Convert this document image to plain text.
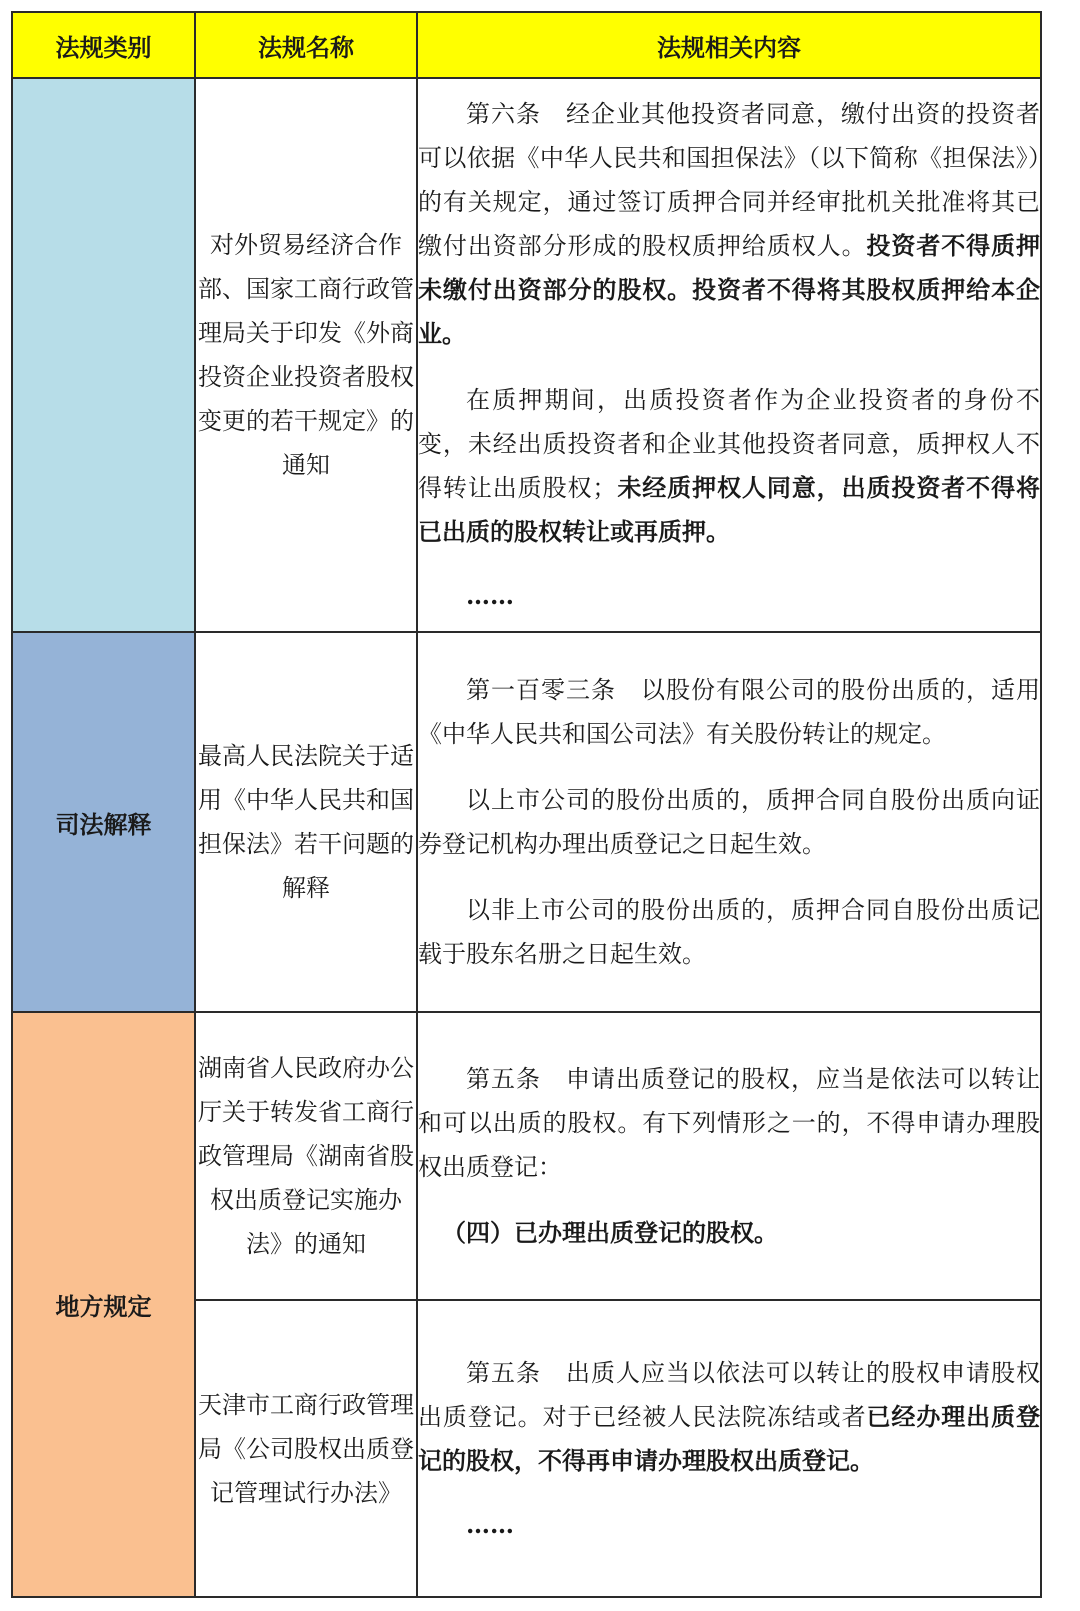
法规类别	法规名称	法规相关内容
	对外贸易经济合作部、国家工商行政管理局关于印发《外商投资企业投资者股权变更的若干规定》的通知	第六条　经企业其他投资者同意，缴付出资的投资者可以依据《中华人民共和国担保法》（以下简称《担保法》）的有关规定，通过签订质押合同并经审批机关批准将其已缴付出资部分形成的股权质押给质权人。投资者不得质押未缴付出资部分的股权。投资者不得将其股权质押给本企业。

在质押期间，出质投资者作为企业投资者的身份不变，未经出质投资者和企业其他投资者同意，质押权人不得转让出质股权；未经质押权人同意，出质投资者不得将已出质的股权转让或再质押。

……

司法解释	最高人民法院关于适用《中华人民共和国担保法》若干问题的解释	第一百零三条　以股份有限公司的股份出质的，适用《中华人民共和国公司法》有关股份转让的规定。

以上市公司的股份出质的，质押合同自股份出质向证券登记机构办理出质登记之日起生效。

以非上市公司的股份出质的，质押合同自股份出质记载于股东名册之日起生效。

地方规定	湖南省人民政府办公厅关于转发省工商行政管理局《湖南省股权出质登记实施办法》的通知	第五条　申请出质登记的股权，应当是依法可以转让和可以出质的股权。有下列情形之一的，不得申请办理股权出质登记：

（四）已办理出质登记的股权。

	天津市工商行政管理局《公司股权出质登记管理试行办法》	第五条　出质人应当以依法可以转让的股权申请股权出质登记。对于已经被人民法院冻结或者已经办理出质登记的股权，不得再申请办理股权出质登记。

……
